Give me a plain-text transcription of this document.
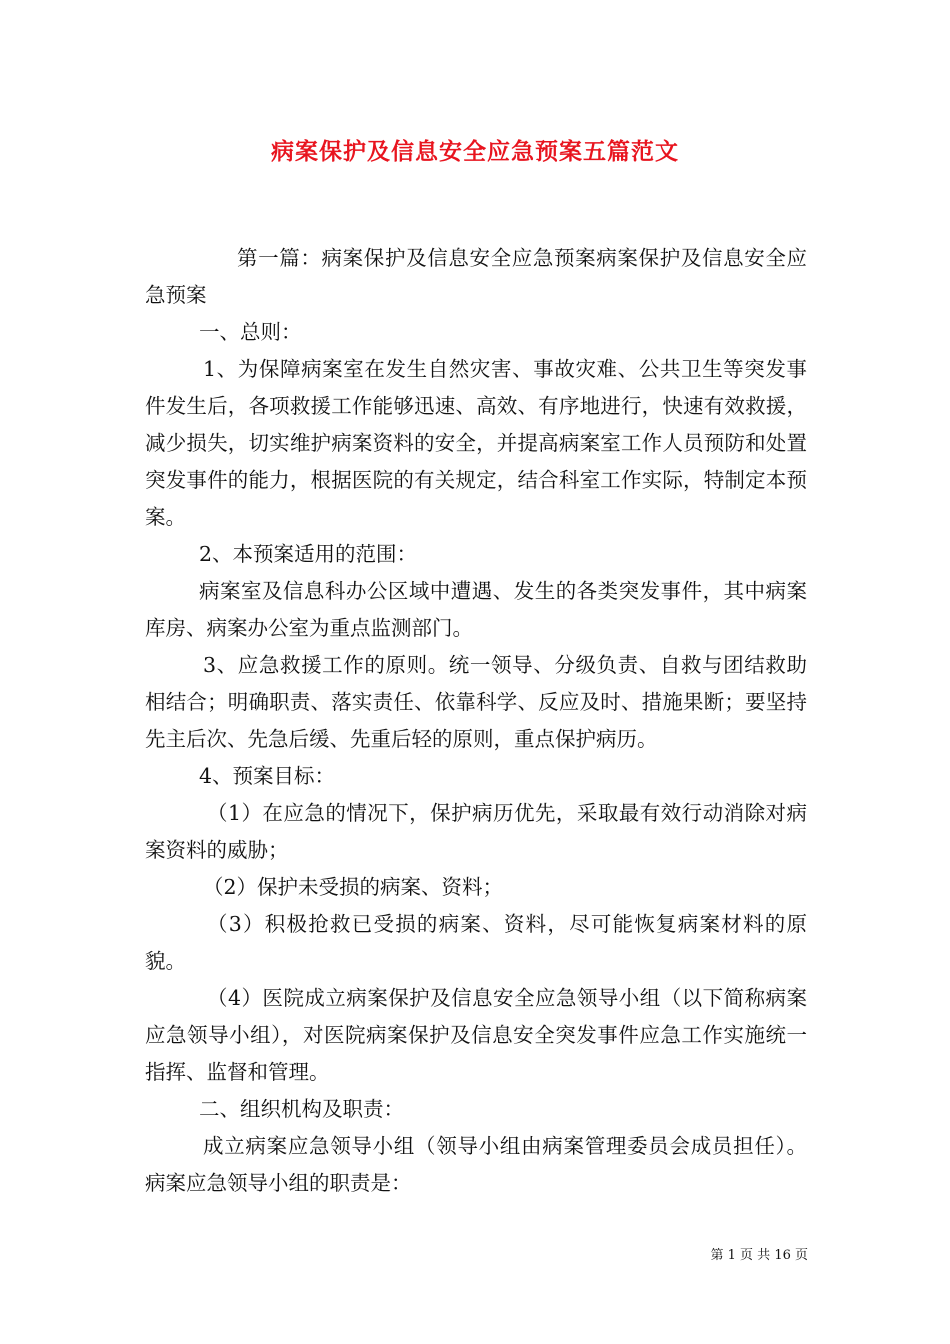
病案保护及信息安全应急预案五篇范文

第一篇：病案保护及信息安全应急预案病案保护及信息安全应急预案

一、总则：

1、为保障病案室在发生自然灾害、事故灾难、公共卫生等突发事件发生后，各项救援工作能够迅速、高效、有序地进行，快速有效救援，减少损失，切实维护病案资料的安全，并提高病案室工作人员预防和处置突发事件的能力，根据医院的有关规定，结合科室工作实际，特制定本预案。

2、本预案适用的范围：

病案室及信息科办公区域中遭遇、发生的各类突发事件，其中病案库房、病案办公室为重点监测部门。

3、应急救援工作的原则。统一领导、分级负责、自救与团结救助相结合；明确职责、落实责任、依靠科学、反应及时、措施果断；要坚持先主后次、先急后缓、先重后轻的原则，重点保护病历。

4、预案目标：

（1）在应急的情况下，保护病历优先，采取最有效行动消除对病案资料的威胁；

（2）保护未受损的病案、资料；

（3）积极抢救已受损的病案、资料，尽可能恢复病案材料的原貌。

（4）医院成立病案保护及信息安全应急领导小组（以下简称病案应急领导小组），对医院病案保护及信息安全突发事件应急工作实施统一指挥、监督和管理。

二、组织机构及职责：

成立病案应急领导小组（领导小组由病案管理委员会成员担任）。病案应急领导小组的职责是：

第 1 页 共 16 页
